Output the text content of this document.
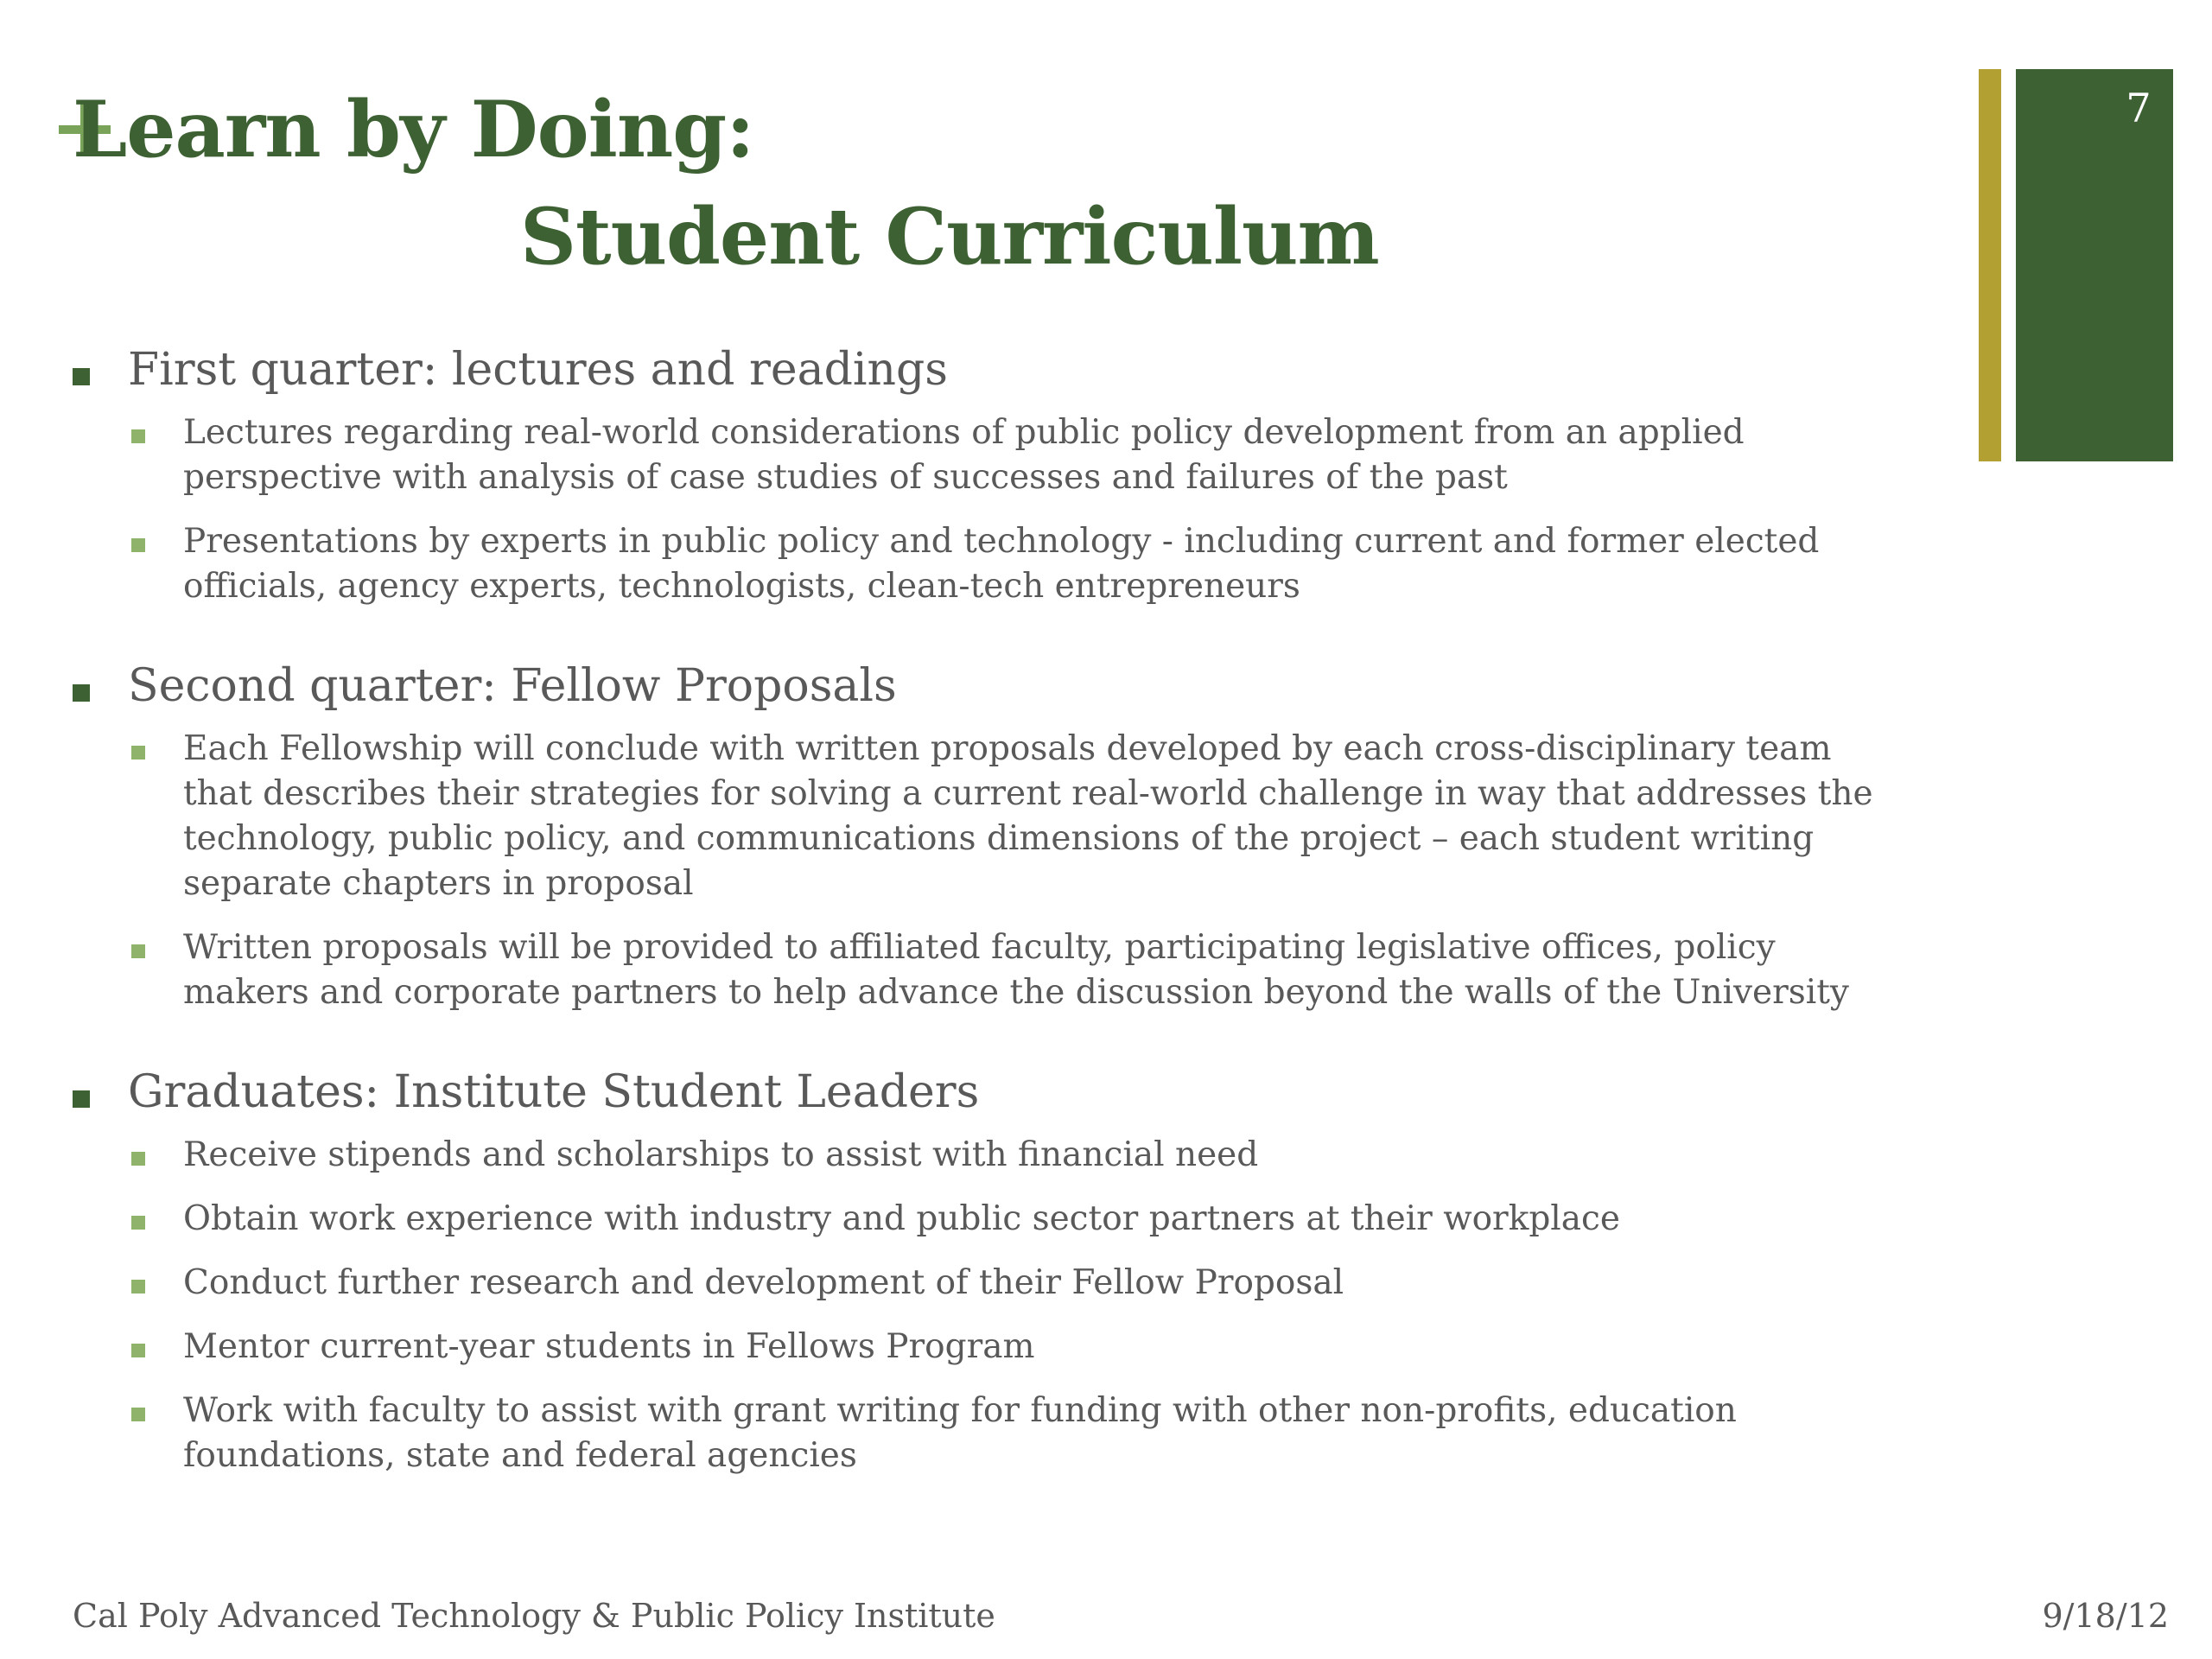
7
Learn by Doing:
Student Curriculum
First quarter: lectures and readings
Lectures regarding real-world considerations of public policy development from an applied perspective with analysis of case studies of successes and failures of the past
Presentations by experts in public policy and technology - including current and former elected officials, agency experts, technologists, clean-tech entrepreneurs
Second quarter: Fellow Proposals
Each Fellowship will conclude with written proposals developed by each cross-disciplinary team that describes their strategies for solving a current real-world challenge in way that addresses the technology, public policy, and communications dimensions of the project – each student writing separate chapters in proposal
Written proposals will be provided to affiliated faculty, participating legislative offices, policy makers and corporate partners to help advance the discussion beyond the walls of the University
Graduates: Institute Student Leaders
Receive stipends and scholarships to assist with financial need
Obtain work experience with industry and public sector partners at their workplace
Conduct further research and development of their Fellow Proposal
Mentor current-year students in Fellows Program
Work with faculty to assist with grant writing for funding with other non-profits, education foundations, state and federal agencies
Cal Poly Advanced Technology & Public Policy Institute	9/18/12
